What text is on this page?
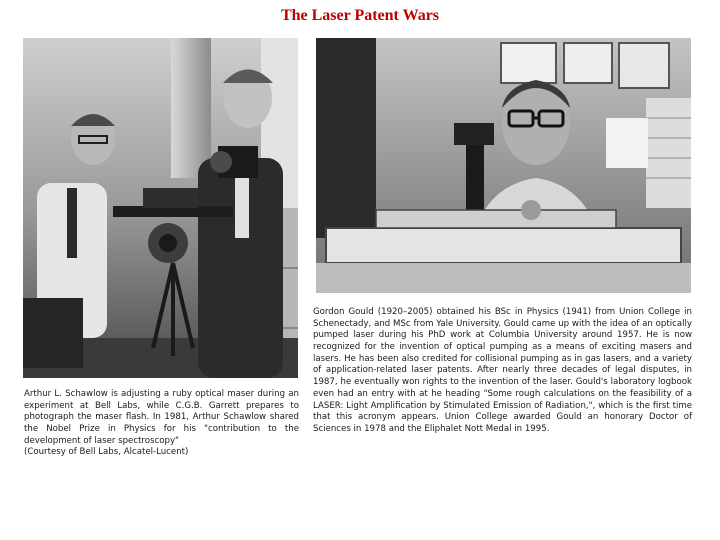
The Laser Patent Wars

Arthur L. Schawlow is adjusting a ruby optical maser during an experiment at Bell Labs, while C.G.B. Garrett prepares to photograph the maser flash. In 1981, Arthur Schawlow shared the Nobel Prize in Physics for his "contribution to the development of laser spectroscopy"

(Courtesy of Bell Labs, Alcatel-Lucent)

Gordon Gould (1920–2005) obtained his BSc in Physics (1941) from Union College in Schenectady, and MSc from Yale University. Gould came up with the idea of an optically pumped laser during his PhD work at Columbia University around 1957. He is now recognized for the invention of optical pumping as a means of exciting masers and lasers. He has been also credited for collisional pumping as in gas lasers, and a variety of application-related laser patents. After nearly three decades of legal disputes, in 1987, he eventually won rights to the invention of the laser. Gould's laboratory logbook even had an entry with at he heading "Some rough calculations on the feasibility of a LASER: Light Amplification by Stimulated Emission of Radiation,", which is the first time that this acronym appears. Union College awarded Gould an honorary Doctor of Sciences in 1978 and the Eliphalet Nott Medal in 1995.
